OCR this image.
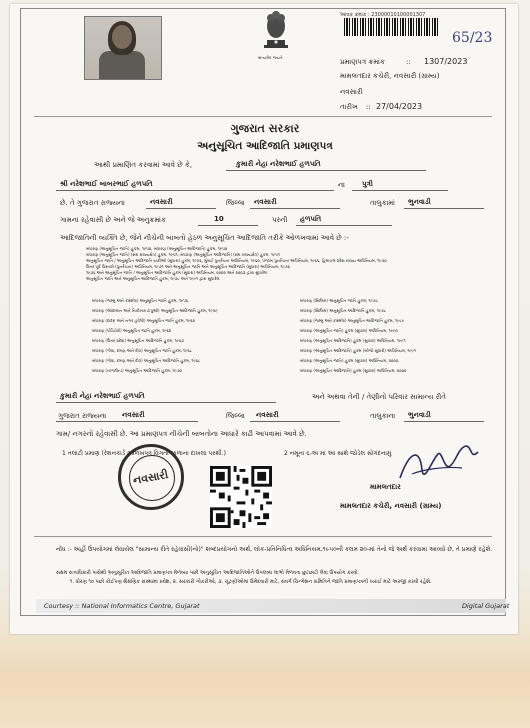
સત્યમેવ જયતે
આવક ક્રમાંક : 23000010100001307
65/23
પ્રમાણપત્ર ક્રમાંક	:: 1307/2023
મામલતદાર કચેરી, નવસારી (ગ્રામ્ય)
નવસારી
તારીખ :: 27/04/2023
ગુજરાત સરકાર
અનુસૂચિત આદિજાતિ પ્રમાણપત્ર
આથી પ્રમાણિત કરવામાં આવે છે કે,	કુમારી નેહા નરેશભાઈ હળપતિ
શ્રી નરેશભાઈ બાબરભાઈ હળપતિ	ના પુત્રી
છે. તે ગુજરાત રાજ્યના	નવસારી	જિલ્લા નવસારી	તાલુકામાં ભુનવાડી
ગામના રહેવાસી છે અને જે અનુક્રમાંક	10	પરની હળપતિ
આદિજાતિની વ્યક્તિ છે, જેને નીચેની બાબતો હેઠળ અનુસૂચિત આદિજાતિ તરીકે ઓળખવામાં આવે છે :-
બંધારણ (અનુસૂચિત જાતિ) હુકમ, ૧૯૫૦, બંધારણ (અનુસૂચિત આદિજાતિ) હુકમ, ૧૯૫૦
બંધારણ (અનુસૂચિત જાતિ) (સંઘ રાજ્યક્ષેત્ર) હુકમ, ૧૯૫૧, બંધારણ (અનુસૂચિત આદિજાતિ) (સંઘ રાજ્યક્ષેત્ર) હુકમ, ૧૯૫૧
અનુસૂચિત જાતિ / અનુસૂચિત આદિજાતિ યાદીઓ (સુધારા) હુકમ, ૧૯૫૬, મુંબઈ પુનર્રચના અધિનિયમ, ૧૯૬૦, પંજાબ પુનર્રચના અધિનિયમ, ૧૯૬૬, હિમાચલ પ્રદેશ રાજ્ય અધિનિયમ, ૧૯૭૦
ઉત્તર પૂર્વ વિસ્તારો (પુનર્રચના) અધિનિયમ, ૧૯૭૧ અને અનુસૂચિત જાતિ અને અનુસૂચિત આદિજાતિ (સુધારા) અધિનિયમ, ૧૯૭૬
૧૯૭૬ અને અનુસૂચિત જાતિ / અનુસૂચિત આદિજાતિ હુકમ (સુધારા) અધિનિયમ, ૨૦૦૨ અને ૨૦૦૩ દ્વારા સુધારેલ
અનુસૂચિત જાતિ અને અનુસૂચિત આદિજાતિ હુકમ, ૧૯૭૮ અને ૧૯૯૧ દ્વારા સુધારેલ
બંધારણ (જમ્મુ અને કાશ્મીર) અનુસૂચિત જાતિ હુકમ, ૧૯૫૬
બંધારણ (આંદામાન અને નિકોબાર ટાપુઓ) અનુસૂચિત આદિજાતિ હુકમ, ૧૯૫૯
બંધારણ (દાદરા અને નગર હવેલી) અનુસૂચિત જાતિ હુકમ, ૧૯૬૨
બંધારણ (પોંડિચેરી) અનુસૂચિત જાતિ હુકમ, ૧૯૬૪
બંધારણ (ઉત્તર પ્રદેશ) અનુસૂચિત આદિજાતિ હુકમ, ૧૯૬૭
બંધારણ (ગોવા, દમણ અને દીવ) અનુસૂચિત જાતિ હુકમ, ૧૯૬૮
બંધારણ (ગોવા, દમણ અને દીવ) અનુસૂચિત આદિજાતિ હુકમ, ૧૯૬૮
બંધારણ (નાગાલેન્ડ) અનુસૂચિત આદિજાતિ હુકમ, ૧૯૭૦
બંધારણ (સિક્કિમ) અનુસૂચિત જાતિ હુકમ, ૧૯૭૮
બંધારણ (સિક્કિમ) અનુસૂચિત આદિજાતિ હુકમ, ૧૯૭૮
બંધારણ (જમ્મુ અને કાશ્મીર) અનુસૂચિત આદિજાતિ હુકમ, ૧૯૮૯
બંધારણ (અનુસૂચિત જાતિ) હુકમ (સુધારા) અધિનિયમ, ૧૯૯૦
બંધારણ (અનુસૂચિત આદિજાતિ) હુકમ (સુધારા) અધિનિયમ, ૧૯૯૧
બંધારણ (અનુસૂચિત આદિજાતિ) હુકમ (બીજો સુધારો) અધિનિયમ, ૧૯૯૧
બંધારણ (અનુસૂચિત જાતિ) હુકમ (સુધારા) અધિનિયમ, ૨૦૦૨
બંધારણ (અનુસૂચિત આદિજાતિ) હુકમ (સુધારા) અધિનિયમ, ૨૦૦૨
કુમારી નેહા નરેશભાઈ હળપતિ	અને અથવા તેની / તેણીનો પરિવાર સામાન્ય રીતે
ગુજરાત રાજ્યના નવસારી	જિલ્લા નવસારી	તાલુકાના ભુનવાડી
ગામ/ નગરનો રહેવાસી છે. આ પ્રમાણપત્ર નીચેની બાબતોના આધારે કાઢી આપવામાં આવે છે.
1 તલાટી પ્રમાણ (રેશનકાર્ડ ઓળખપત્ર વિગતો શાળાના દાખલા પરથી.)	2 નમૂના ૬-અ માં આ સાથે જોડેલ સોગંદનામું
નવસારી
મામલતદાર
મામલતદાર કચેરી, નવસારી (ગ્રામ્ય)
નોંધ :- અહીં ઉપયોગમાં લેવાયેલ "સામાન્ય રીતે રહેવાસી(નો)" શબ્દપ્રયોગનો અર્થ, લોક-પ્રતિનિધિત્વ અધિનિયમ,૧૯૫૦ની કલમ ૨૦-માં તેનો જે અર્થ કરવામાં આવ્યો છે, તે પ્રમાણે રહેશે.
સક્ષમ સત્તાધિકારી પાસેથી અનુસૂચિત આદિજાતિ પ્રમાણપત્ર મેળવ્યા પછી અનુસૂચિત આદિજાતિઓને ઉપલબ્ધ લાભો મેળવતા છુટછાટો લેવા ઉપયોગ કરવો.
૧. ધોરણ ૧૦ પછી કોઈપણ શૈક્ષણિક સંસ્થામાં પ્રવેશ, ૨. સરકારી નોકરીઓ, ૩. ચૂંટણીઓમાં ઉમેદવારી માટે, સંવર્ગ ચિન્ગેશન સમિતિને જાતિ પ્રમાણપત્રની ખરાઈ માટે અરજી કરવી રહેશે.
Courtesy :: National Informatics Centre, Gujarat	Digital Gujarat
